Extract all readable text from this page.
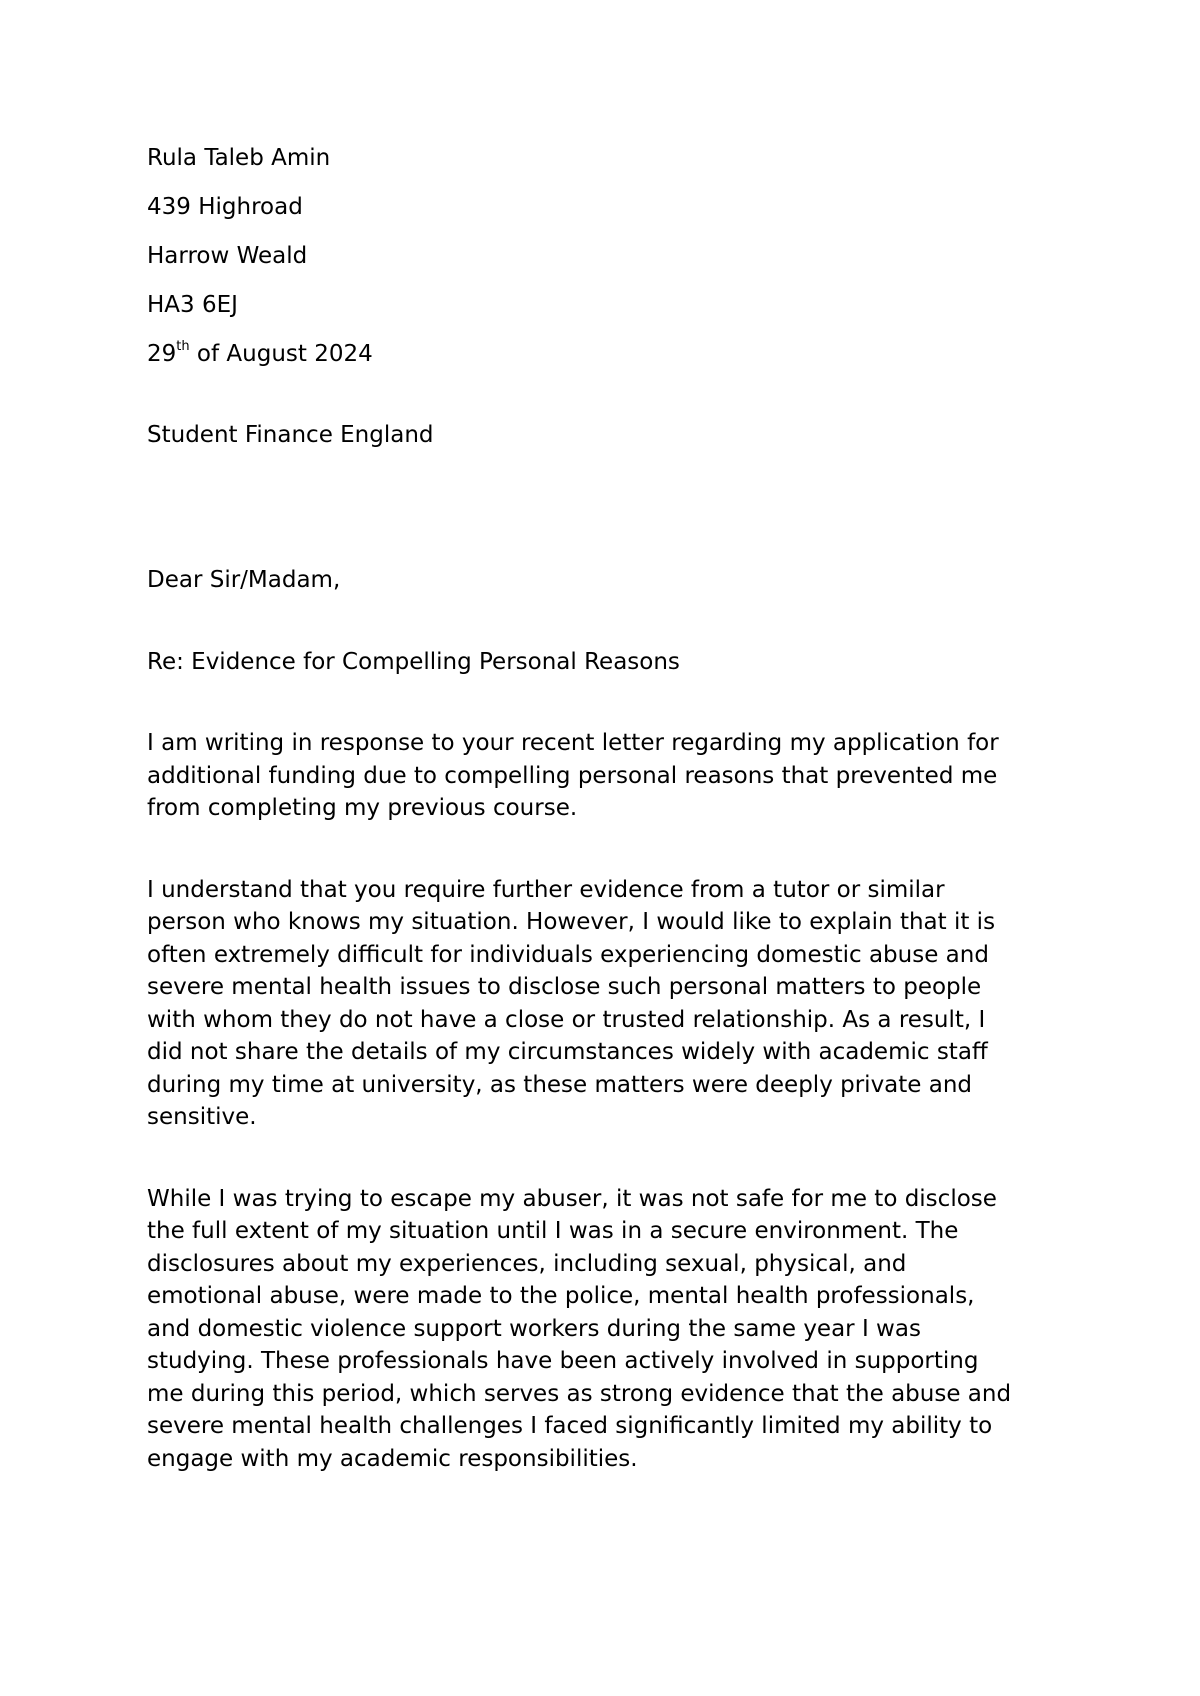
Rula Taleb Amin
439 Highroad
Harrow Weald
HA3 6EJ
29th of August 2024
Student Finance England
Dear Sir/Madam,
Re: Evidence for Compelling Personal Reasons
I am writing in response to your recent letter regarding my application for
additional funding due to compelling personal reasons that prevented me
from completing my previous course.
I understand that you require further evidence from a tutor or similar
person who knows my situation. However, I would like to explain that it is
often extremely difficult for individuals experiencing domestic abuse and
severe mental health issues to disclose such personal matters to people
with whom they do not have a close or trusted relationship. As a result, I
did not share the details of my circumstances widely with academic staff
during my time at university, as these matters were deeply private and
sensitive.
While I was trying to escape my abuser, it was not safe for me to disclose
the full extent of my situation until I was in a secure environment. The
disclosures about my experiences, including sexual, physical, and
emotional abuse, were made to the police, mental health professionals,
and domestic violence support workers during the same year I was
studying. These professionals have been actively involved in supporting
me during this period, which serves as strong evidence that the abuse and
severe mental health challenges I faced significantly limited my ability to
engage with my academic responsibilities.
